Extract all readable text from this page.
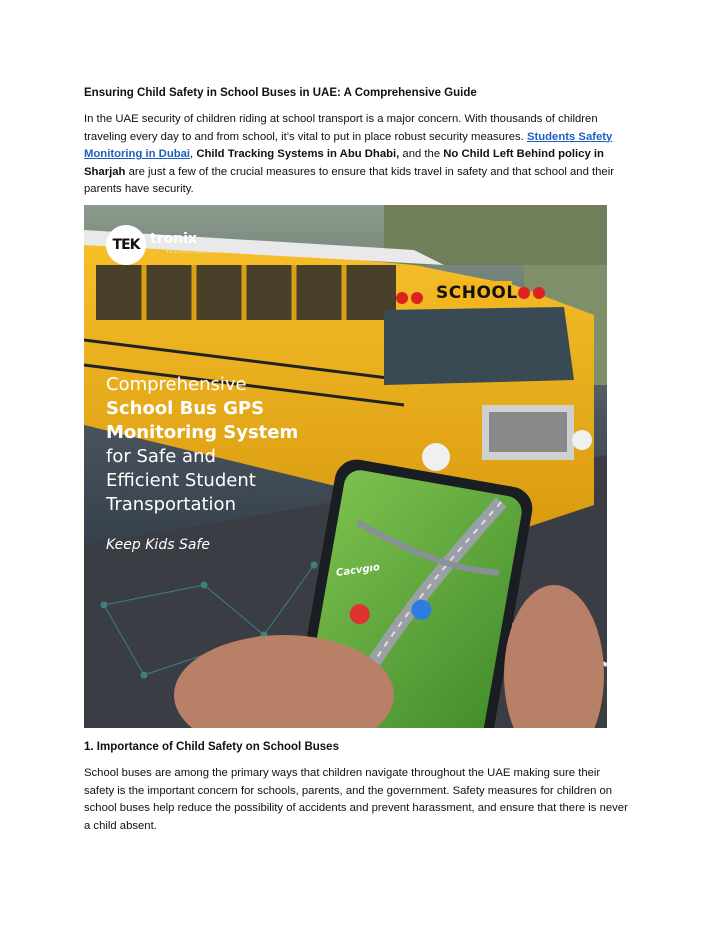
Ensuring Child Safety in School Buses in UAE: A Comprehensive Guide
In the UAE security of children riding at school transport is a major concern. With thousands of children traveling every day to and from school, it's vital to put in place robust security measures. Students Safety Monitoring in Dubai, Child Tracking Systems in Abu Dhabi, and the No Child Left Behind policy in Sharjah are just a few of the crucial measures to ensure that kids travel in safety and that school and their parents have security.
TEK tronix
TECHNOLOGIES
SCHOOL
Cacvgıo
Comprehensive
School Bus GPS
Monitoring System
for Safe and
Efficient Student
Transportation
Keep Kids Safe
1. Importance of Child Safety on School Buses
School buses are among the primary ways that children navigate throughout the UAE making sure their safety is the important concern for schools, parents, and the government. Safety measures for children on school buses help reduce the possibility of accidents and prevent harassment, and ensure that there is never a child absent.
